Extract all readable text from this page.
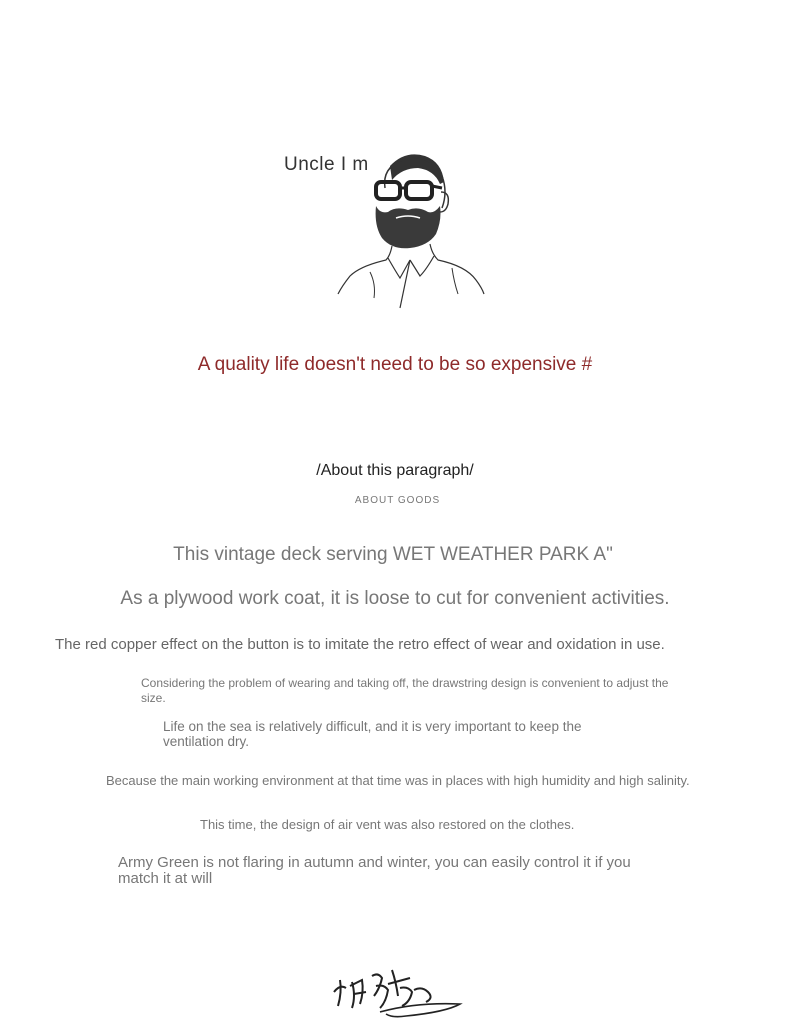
Uncle I m
A quality life doesn't need to be so expensive #
/About this paragraph/
ABOUT GOODS
This vintage deck serving WET WEATHER PARK A"
As a plywood work coat, it is loose to cut for convenient activities.
The red copper effect on the button is to imitate the retro effect of wear and oxidation in use.
Considering the problem of wearing and taking off, the drawstring design is convenient to adjust the size.
Life on the sea is relatively difficult, and it is very important to keep the ventilation dry.
Because the main working environment at that time was in places with high humidity and high salinity.
This time, the design of air vent was also restored on the clothes.
Army Green is not flaring in autumn and winter, you can easily control it if you match it at will
